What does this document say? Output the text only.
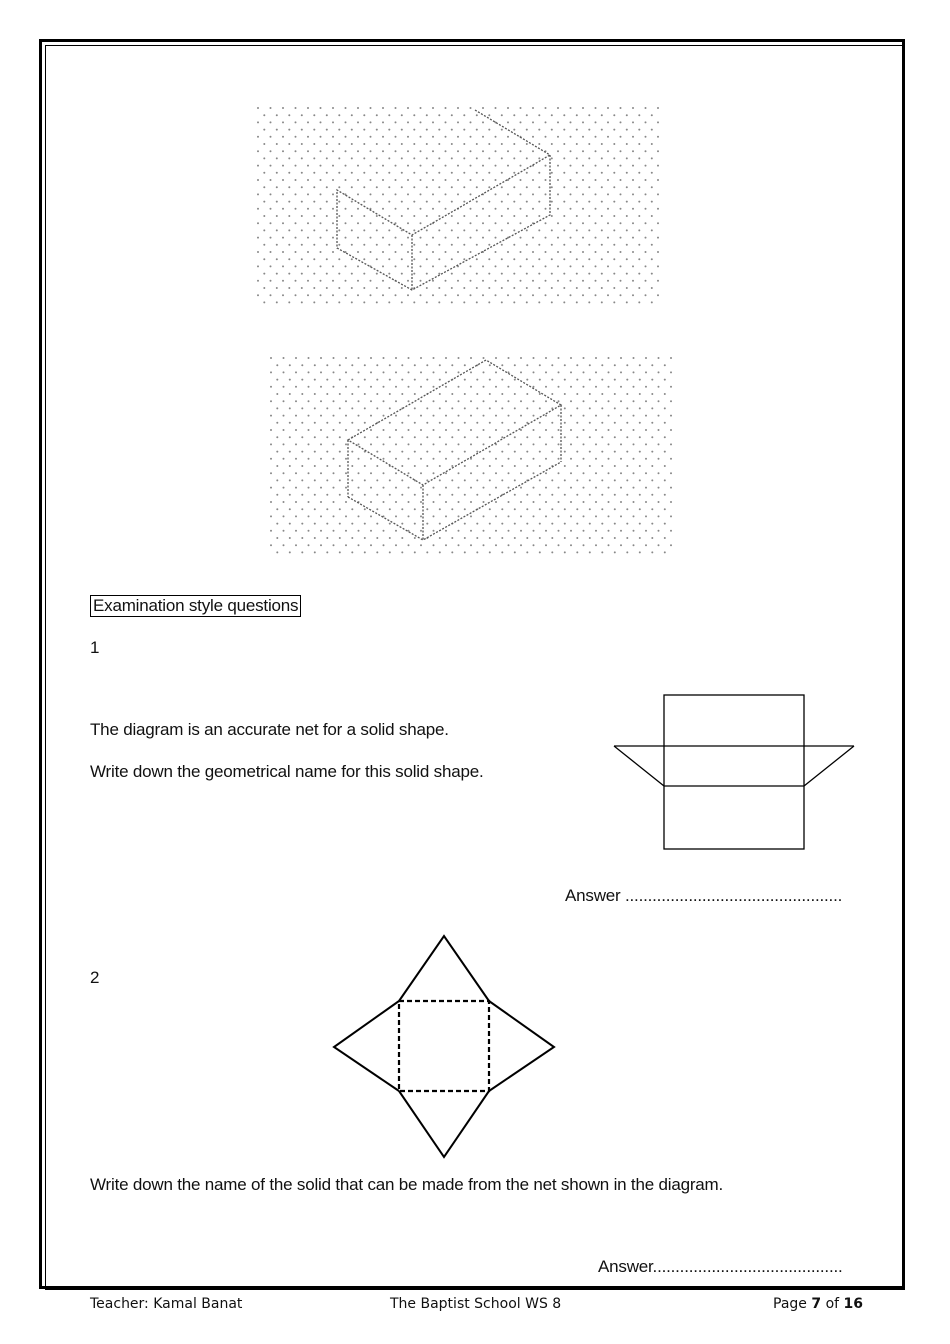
Examination style questions
1
The diagram is an accurate net for a solid shape.
Write down the geometrical name for this solid shape.
Answer ................................................
2
Write down the name of the solid that can be made from the net shown in the diagram.
Answer..........................................
Teacher: Kamal Banat	The Baptist School WS 8	Page 7 of 16
